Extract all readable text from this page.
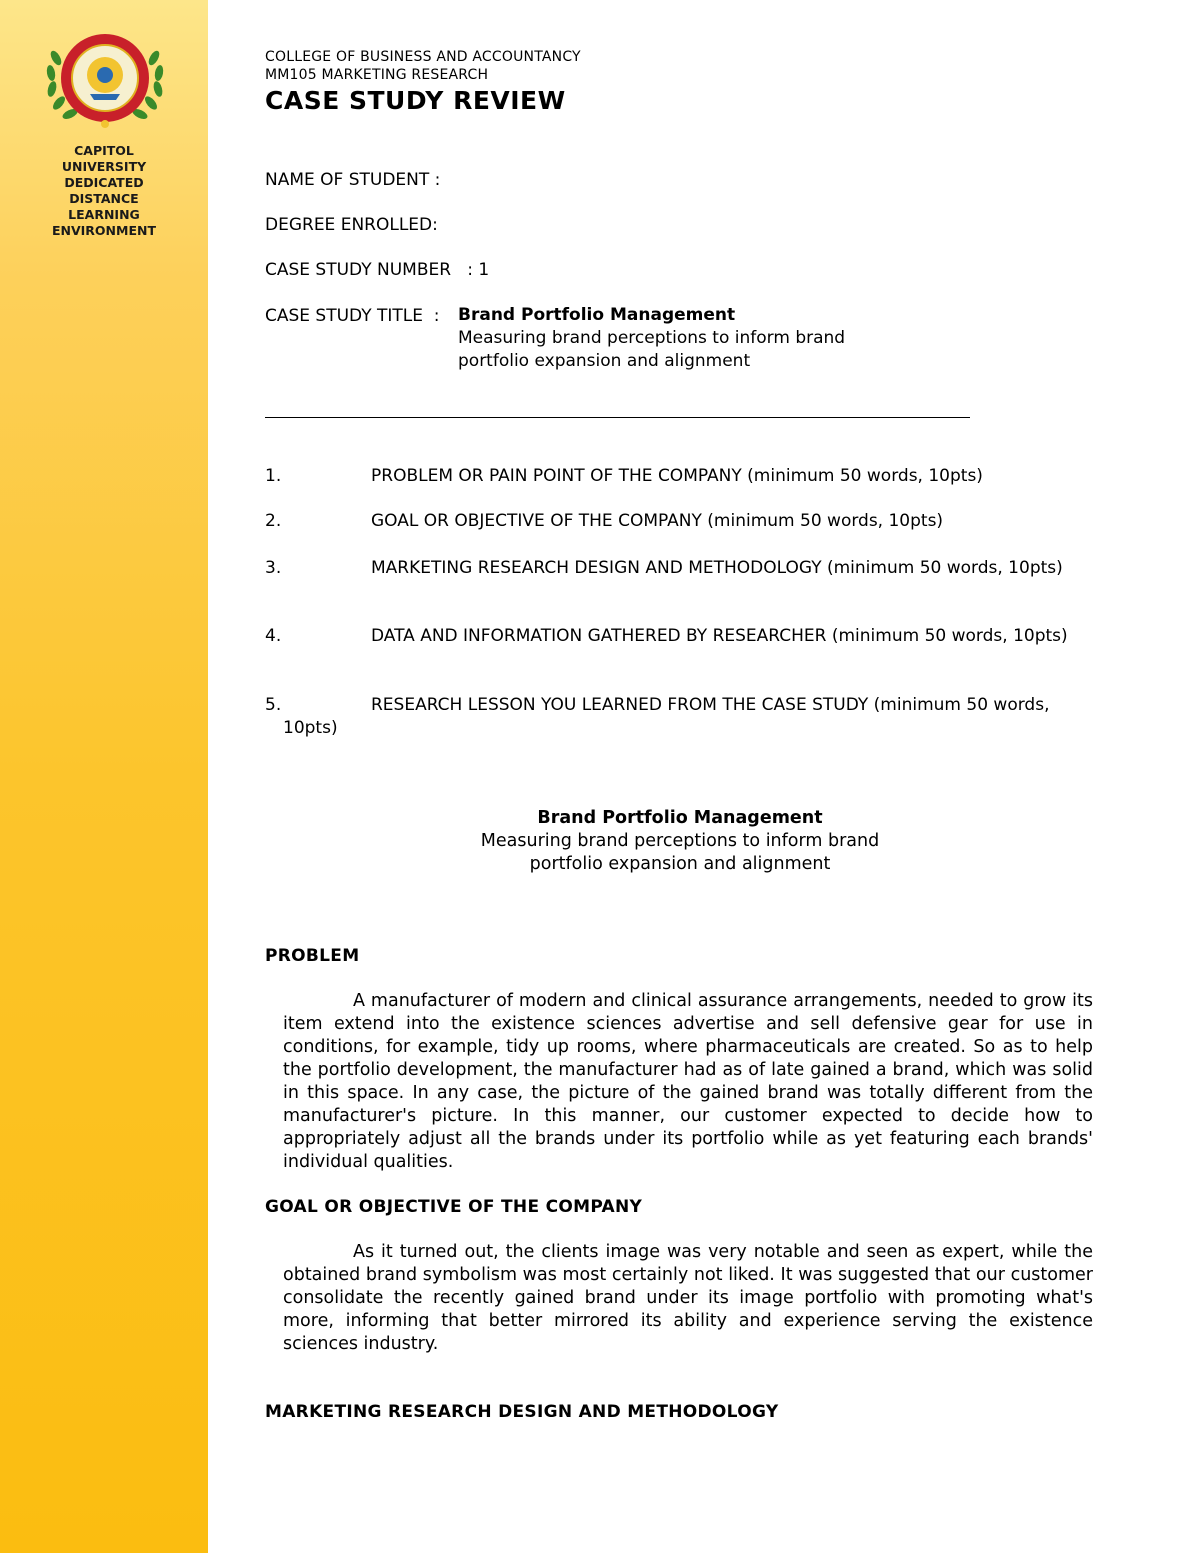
CAPITOL
UNIVERSITY
DEDICATED
DISTANCE
LEARNING
ENVIRONMENT
COLLEGE OF BUSINESS AND ACCOUNTANCY
MM105 MARKETING RESEARCH
CASE STUDY REVIEW
NAME OF STUDENT :
DEGREE ENROLLED:
CASE STUDY NUMBER   : 1
CASE STUDY TITLE  : Brand Portfolio Management
Measuring brand perceptions to inform brand
portfolio expansion and alignment
1.	PROBLEM OR PAIN POINT OF THE COMPANY (minimum 50 words, 10pts)
2.	GOAL OR OBJECTIVE OF THE COMPANY (minimum 50 words, 10pts)
3.	MARKETING RESEARCH DESIGN AND METHODOLOGY (minimum 50 words, 10pts)
4.	DATA AND INFORMATION GATHERED BY RESEARCHER (minimum 50 words, 10pts)
5.	RESEARCH LESSON YOU LEARNED FROM THE CASE STUDY (minimum 50 words, 10pts)
Brand Portfolio Management
Measuring brand perceptions to inform brand
portfolio expansion and alignment
PROBLEM
A manufacturer of modern and clinical assurance arrangements, needed to grow its item extend into the existence sciences advertise and sell defensive gear for use in conditions, for example, tidy up rooms, where pharmaceuticals are created. So as to help the portfolio development, the manufacturer had as of late gained a brand, which was solid in this space. In any case, the picture of the gained brand was totally different from the manufacturer's picture. In this manner, our customer expected to decide how to appropriately adjust all the brands under its portfolio while as yet featuring each brands' individual qualities.
GOAL OR OBJECTIVE OF THE COMPANY
As it turned out, the clients image was very notable and seen as expert, while the obtained brand symbolism was most certainly not liked. It was suggested that our customer consolidate the recently gained brand under its image portfolio with promoting what's more, informing that better mirrored its ability and experience serving the existence sciences industry.
MARKETING RESEARCH DESIGN AND METHODOLOGY
